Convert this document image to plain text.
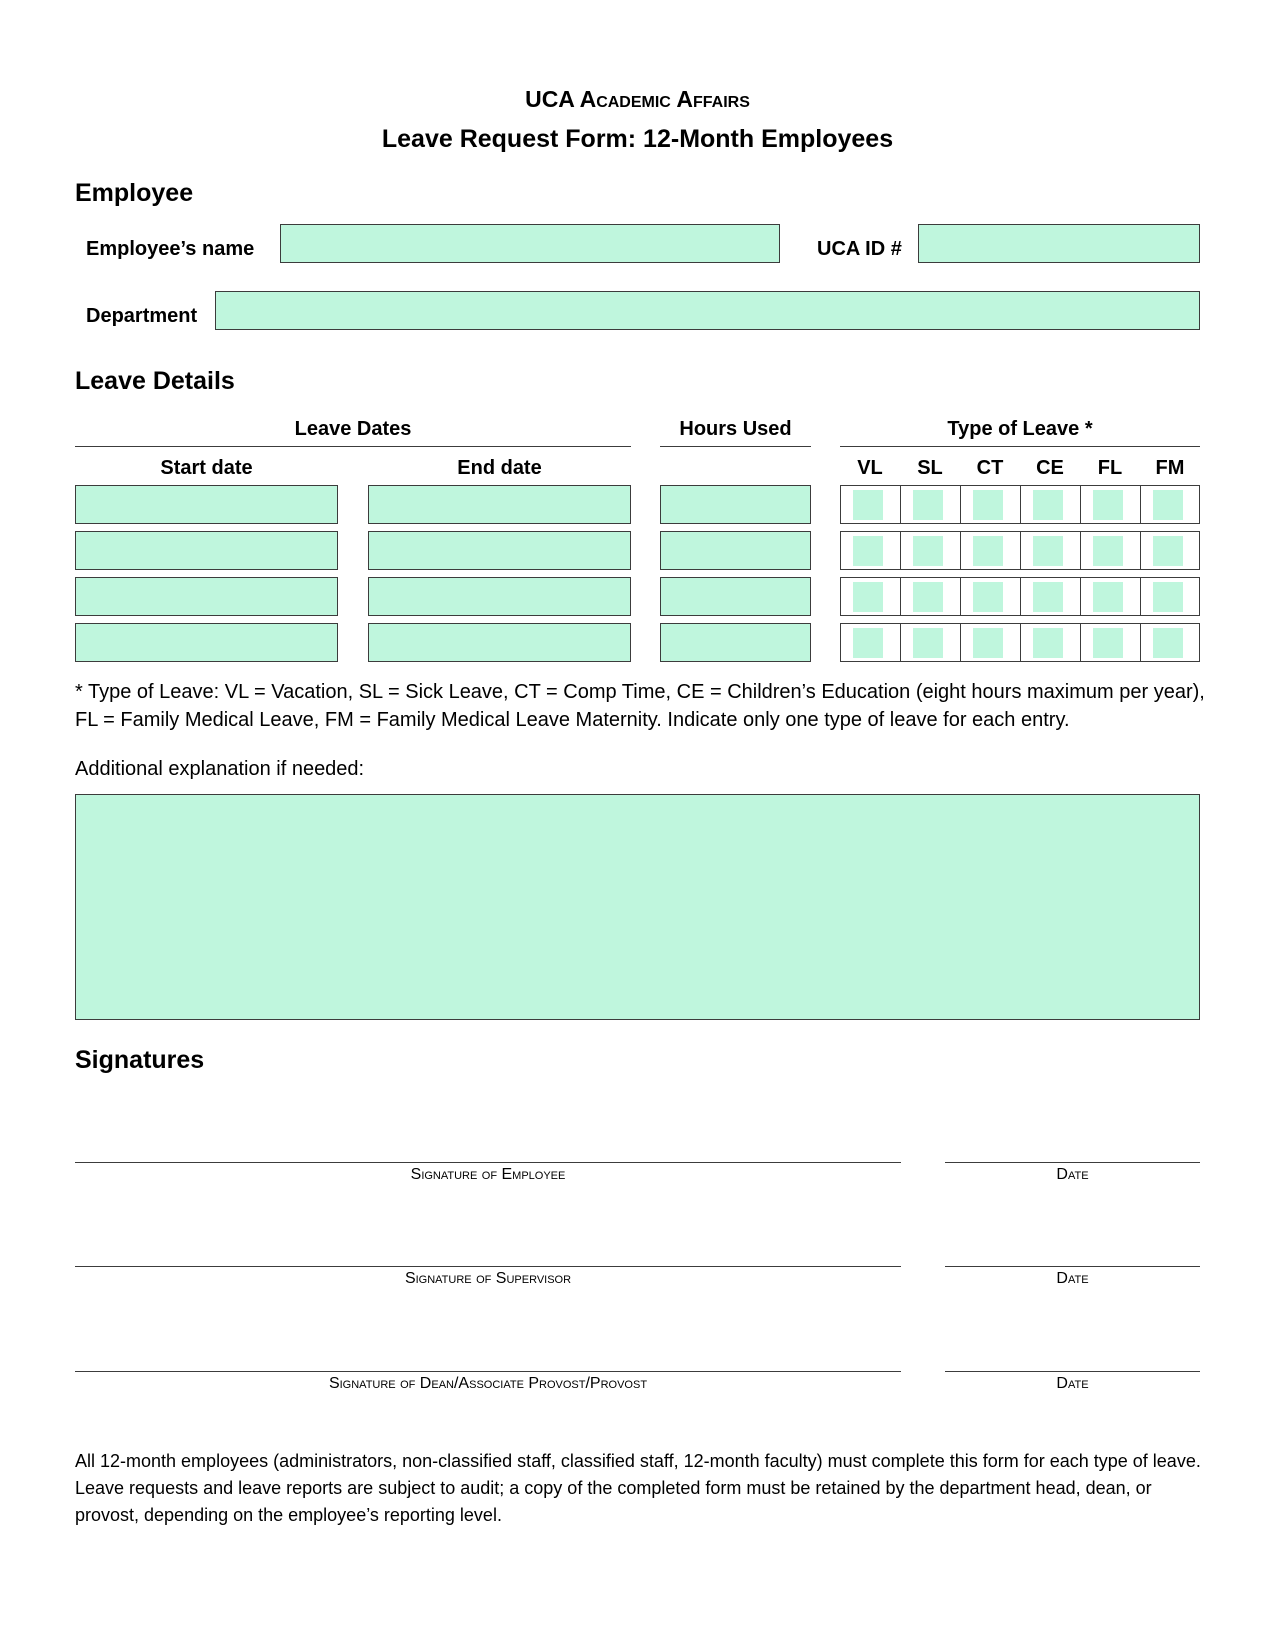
UCA Academic Affairs
Leave Request Form: 12-Month Employees
Employee
Employee’s name	UCA ID #
Department
Leave Details
Leave Dates	Hours Used	Type of Leave *
Start date	End date	VL	SL	CT	CE	FL	FM
* Type of Leave: VL = Vacation, SL = Sick Leave, CT = Comp Time, CE = Children’s Education (eight hours maximum per year), FL = Family Medical Leave, FM = Family Medical Leave Maternity. Indicate only one type of leave for each entry.
Additional explanation if needed:
Signatures
Signature of Employee	Date
Signature of Supervisor	Date
Signature of Dean/Associate Provost/Provost	Date
All 12-month employees (administrators, non-classified staff, classified staff, 12-month faculty) must complete this form for each type of leave. Leave requests and leave reports are subject to audit; a copy of the completed form must be retained by the department head, dean, or provost, depending on the employee’s reporting level.
